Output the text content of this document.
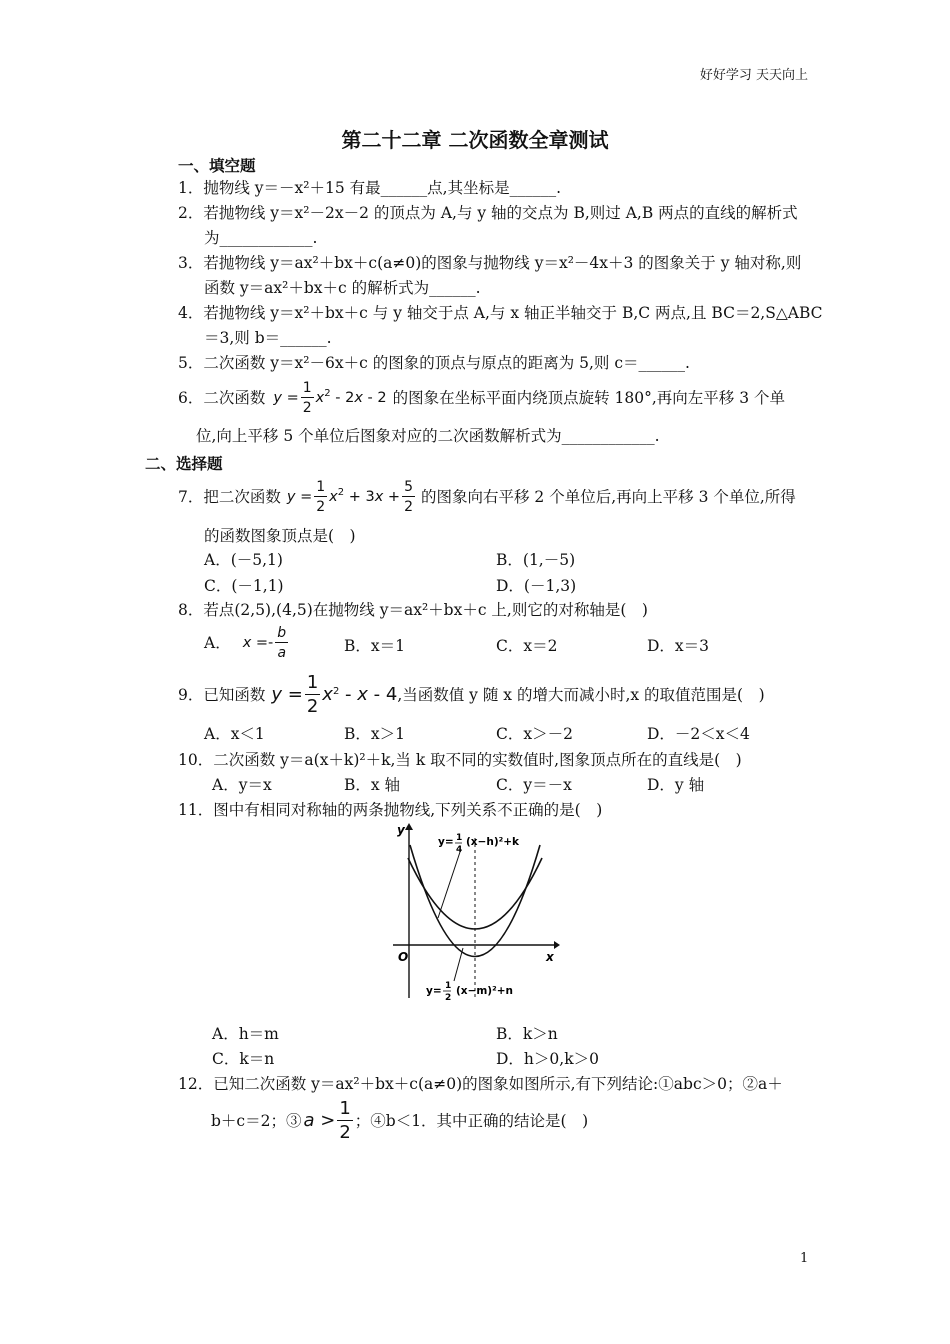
好好学习 天天向上
第二十二章 二次函数全章测试
一、填空题
1．抛物线 y＝－x²＋15 有最______点,其坐标是______.
2．若抛物线 y＝x²－2x－2 的顶点为 A,与 y 轴的交点为 B,则过 A,B 两点的直线的解析式
为____________.
3．若抛物线 y＝ax²＋bx＋c(a≠0)的图象与抛物线 y＝x²－4x＋3 的图象关于 y 轴对称,则
函数 y＝ax²＋bx＋c 的解析式为______.
4．若抛物线 y＝x²＋bx＋c 与 y 轴交于点 A,与 x 轴正半轴交于 B,C 两点,且 BC＝2,S△ABC
＝3,则 b＝______.
5．二次函数 y＝x²－6x＋c 的图象的顶点与原点的距离为 5,则 c＝______.
6．二次函数 $y = \frac{1}{2} x^2 - 2x - 2$ 的图象在坐标平面内绕顶点旋转 180°,再向左平移 3 个单
位,向上平移 5 个单位后图象对应的二次函数解析式为____________.
二、选择题
7．把二次函数 $y = \frac{1}{2} x^2 + 3x + \frac{5}{2}$ 的图象向右平移 2 个单位后,再向上平移 3 个单位,所得
的函数图象顶点是(　)
A．(－5,1)	B．(1,－5)
C．(－1,1)	D．(－1,3)
8．若点(2,5),(4,5)在抛物线 y＝ax²＋bx＋c 上,则它的对称轴是(　)
A． $x =- \frac{b}{a}$	B．x＝1	C．x＝2	D．x＝3
9．已知函数 $y = \frac{1}{2} x^2 - x - 4$ ,当函数值 y 随 x 的增大而减小时,x 的取值范围是(　)
A．x＜1	B．x＞1	C．x＞－2	D．－2＜x＜4
10．二次函数 y＝a(x＋k)²＋k,当 k 取不同的实数值时,图象顶点所在的直线是(　)
A．y＝x	B．x 轴	C．y＝－x	D．y 轴
11．图中有相同对称轴的两条抛物线,下列关系不正确的是(　)
y
x
O
y= 1
4
(x−h)²+k
y= 1
2
(x−m)²+n
A．h＝m	B．k＞n
C．k＝n	D．h＞0,k＞0
12．已知二次函数 y＝ax²＋bx＋c(a≠0)的图象如图所示,有下列结论:①abc＞0；②a＋
b＋c＝2；③ $a > \frac{1}{2}$ ；④b＜1．其中正确的结论是(　)
1
